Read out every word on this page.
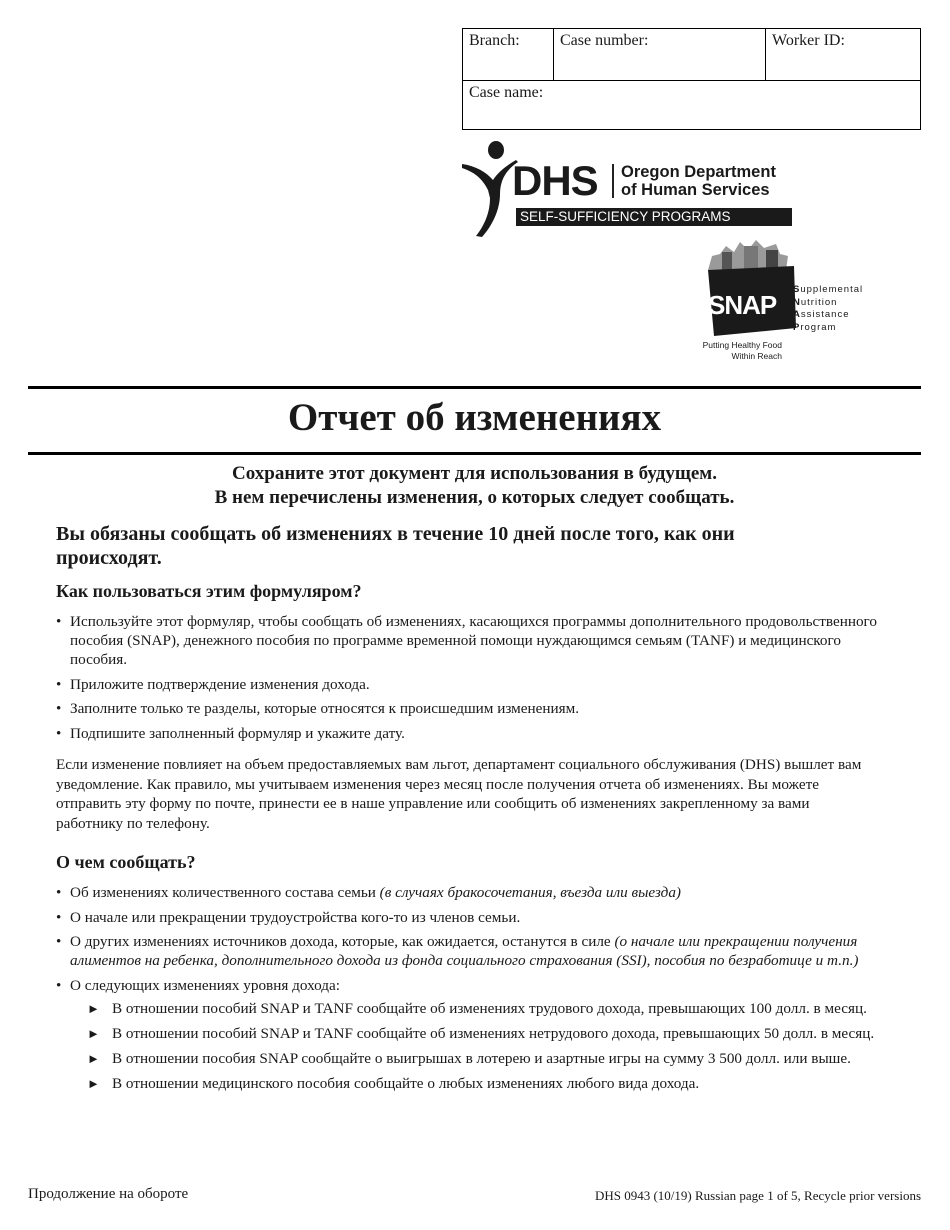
Branch:	Case number:	Worker ID:
Case name:
DHS Oregon Department
of Human Services
SELF-SUFFICIENCY PROGRAMS
SNAP
Supplemental
Nutrition
Assistance
Program
Putting Healthy Food
Within Reach
Отчет об изменениях
Сохраните этот документ для использования в будущем.
В нем перечислены изменения, о которых следует сообщать.
Вы обязаны сообщать об изменениях в течение 10 дней после того, как они происходят.
Как пользоваться этим формуляром?
• Используйте этот формуляр, чтобы сообщать об изменениях, касающихся программы дополнительного продовольственного пособия (SNAP), денежного пособия по программе временной помощи нуждающимся семьям (TANF) и медицинского пособия.
• Приложите подтверждение изменения дохода.
• Заполните только те разделы, которые относятся к происшедшим изменениям.
• Подпишите заполненный формуляр и укажите дату.
Если изменение повлияет на объем предоставляемых вам льгот, департамент социального обслуживания (DHS) вышлет вам уведомление. Как правило, мы учитываем изменения через месяц после получения отчета об изменениях. Вы можете отправить эту форму по почте, принести ее в наше управление или сообщить об изменениях закрепленному за вами работнику по телефону.
О чем сообщать?
• Об изменениях количественного состава семьи (в случаях бракосочетания, въезда или выезда)
• О начале или прекращении трудоустройства кого-то из членов семьи.
• О других изменениях источников дохода, которые, как ожидается, останутся в силе (о начале или прекращении получения алиментов на ребенка, дополнительного дохода из фонда социального страхования (SSI), пособия по безработице и т.п.)
• О следующих изменениях уровня дохода:
► В отношении пособий SNAP и TANF сообщайте об изменениях трудового дохода, превышающих 100 долл. в месяц.
► В отношении пособий SNAP и TANF сообщайте об изменениях нетрудового дохода, превышающих 50 долл. в месяц.
► В отношении пособия SNAP сообщайте о выигрышах в лотерею и азартные игры на сумму 3 500 долл. или выше.
► В отношении медицинского пособия сообщайте о любых изменениях любого вида дохода.
Продолжение на обороте	DHS 0943 (10/19) Russian page 1 of 5, Recycle prior versions
